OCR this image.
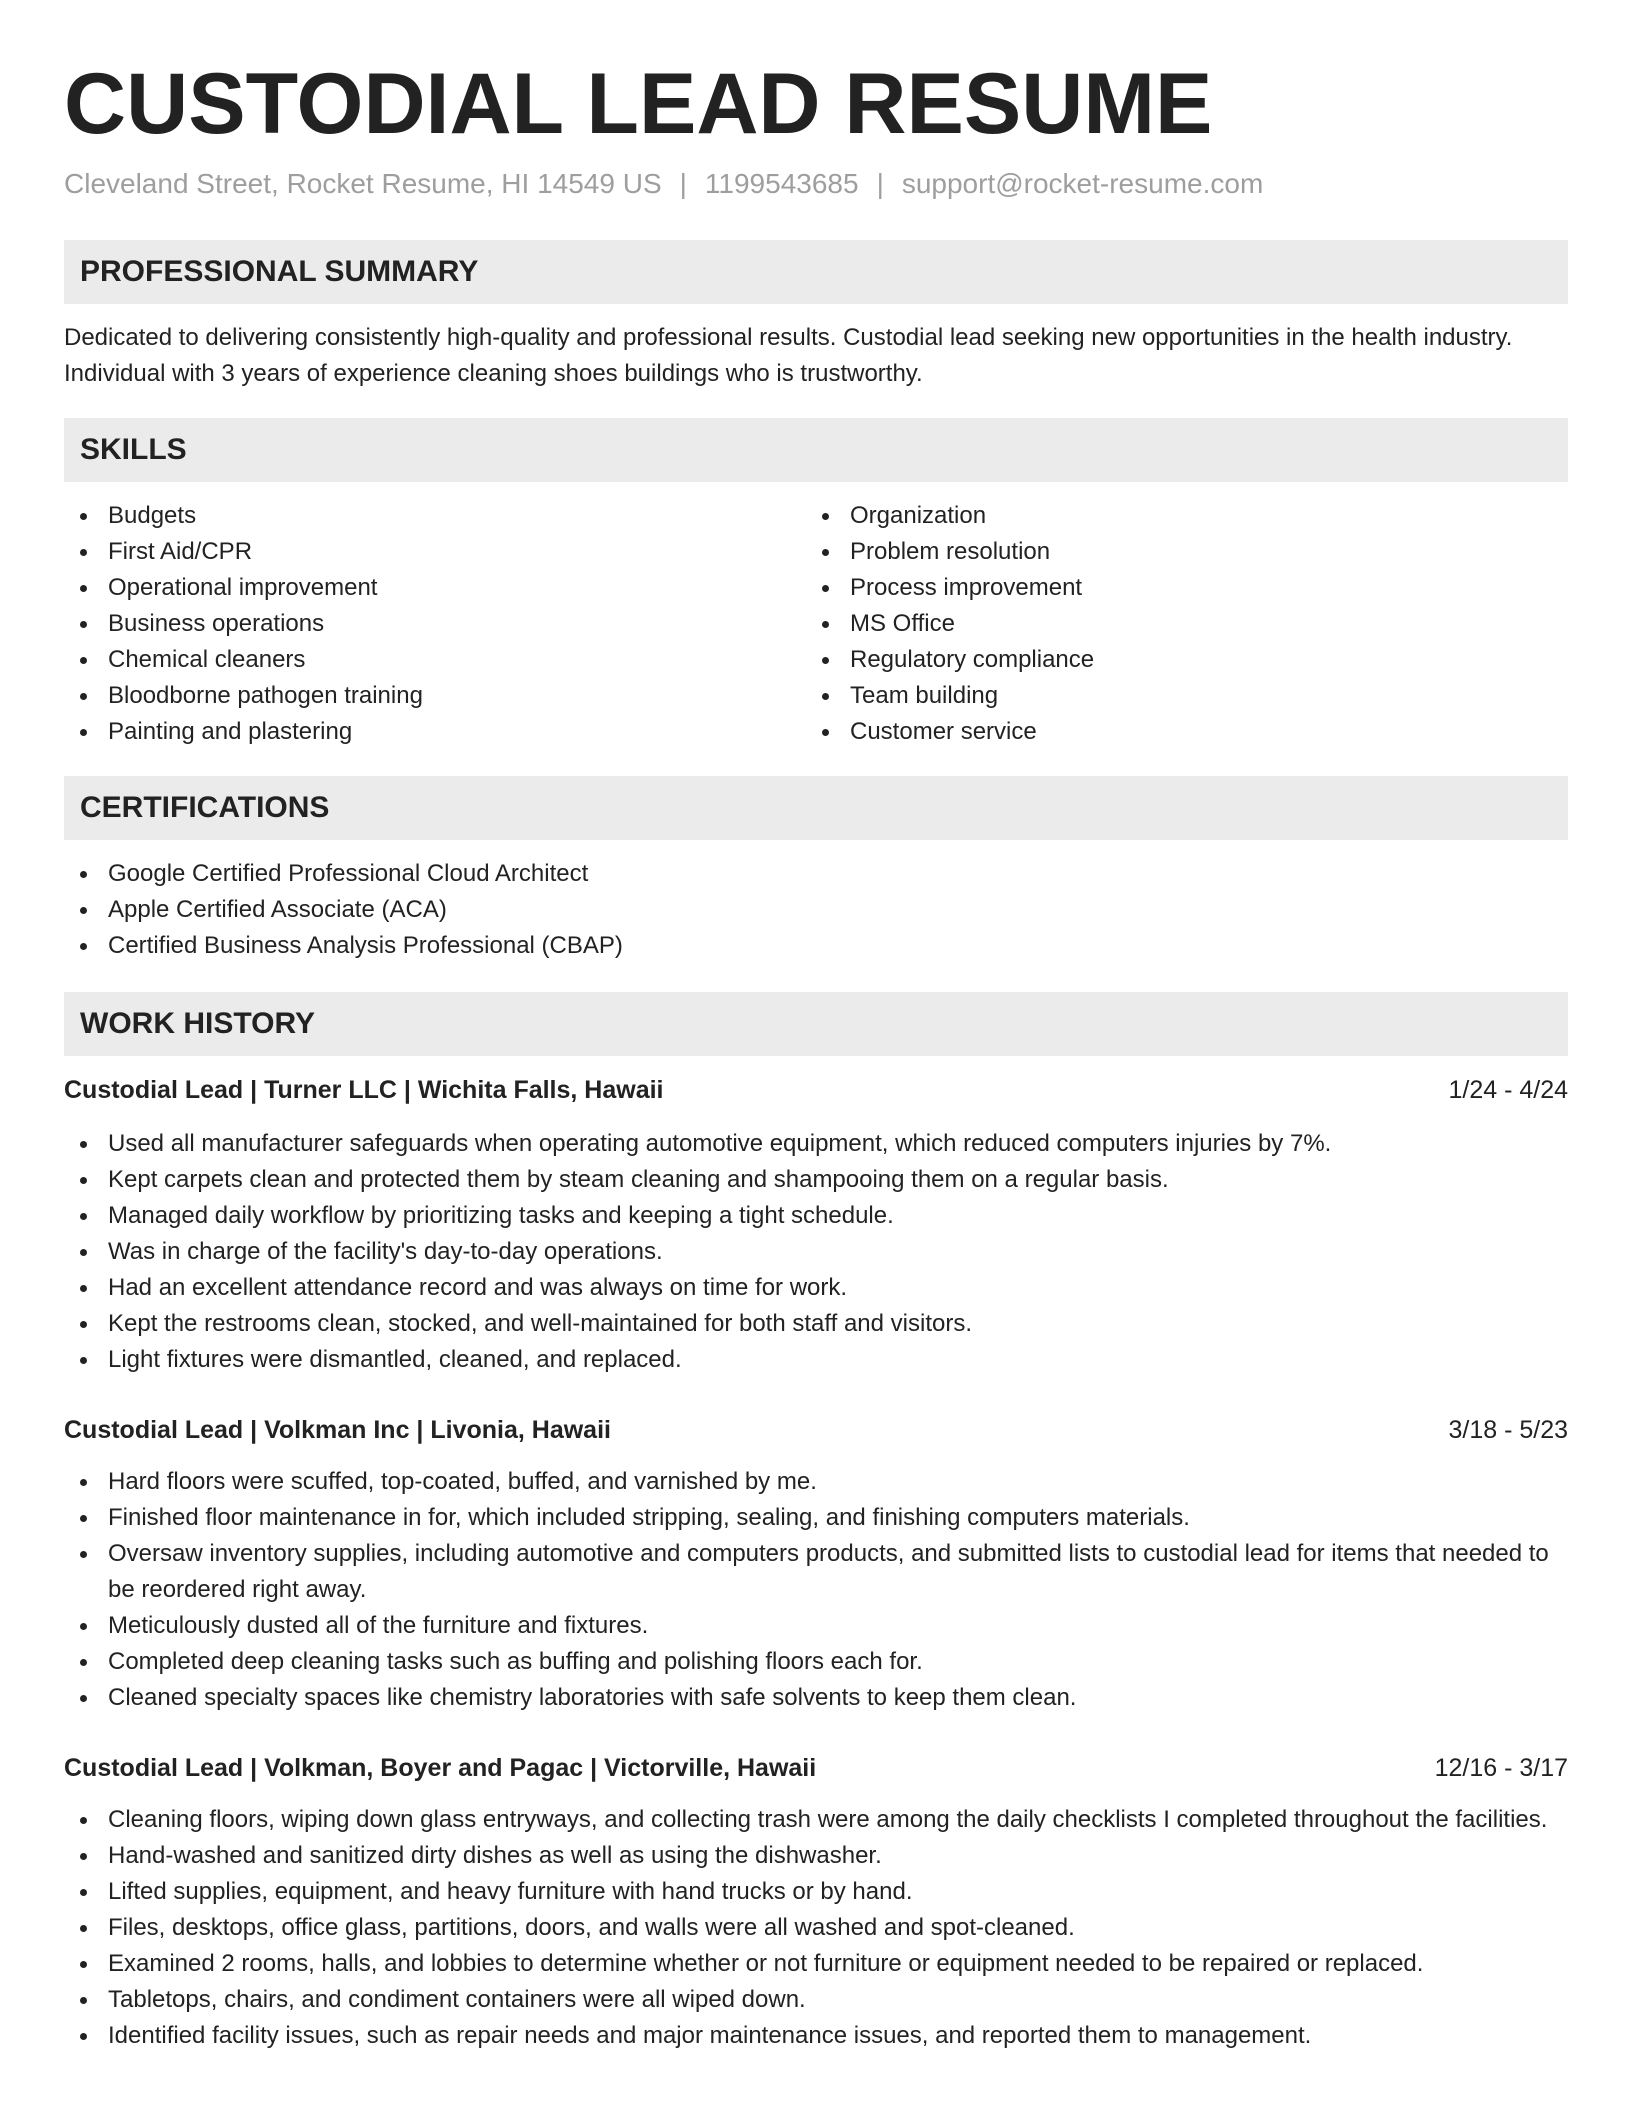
CUSTODIAL LEAD RESUME
Cleveland Street, Rocket Resume, HI 14549 US | 1199543685 | support@rocket-resume.com
PROFESSIONAL SUMMARY
Dedicated to delivering consistently high-quality and professional results. Custodial lead seeking new opportunities in the health industry. Individual with 3 years of experience cleaning shoes buildings who is trustworthy.
SKILLS
Budgets
First Aid/CPR
Operational improvement
Business operations
Chemical cleaners
Bloodborne pathogen training
Painting and plastering
Organization
Problem resolution
Process improvement
MS Office
Regulatory compliance
Team building
Customer service
CERTIFICATIONS
Google Certified Professional Cloud Architect
Apple Certified Associate (ACA)
Certified Business Analysis Professional (CBAP)
WORK HISTORY
Custodial Lead | Turner LLC | Wichita Falls, Hawaii	1/24 - 4/24
Used all manufacturer safeguards when operating automotive equipment, which reduced computers injuries by 7%.
Kept carpets clean and protected them by steam cleaning and shampooing them on a regular basis.
Managed daily workflow by prioritizing tasks and keeping a tight schedule.
Was in charge of the facility's day-to-day operations.
Had an excellent attendance record and was always on time for work.
Kept the restrooms clean, stocked, and well-maintained for both staff and visitors.
Light fixtures were dismantled, cleaned, and replaced.
Custodial Lead | Volkman Inc | Livonia, Hawaii	3/18 - 5/23
Hard floors were scuffed, top-coated, buffed, and varnished by me.
Finished floor maintenance in for, which included stripping, sealing, and finishing computers materials.
Oversaw inventory supplies, including automotive and computers products, and submitted lists to custodial lead for items that needed to be reordered right away.
Meticulously dusted all of the furniture and fixtures.
Completed deep cleaning tasks such as buffing and polishing floors each for.
Cleaned specialty spaces like chemistry laboratories with safe solvents to keep them clean.
Custodial Lead | Volkman, Boyer and Pagac | Victorville, Hawaii	12/16 - 3/17
Cleaning floors, wiping down glass entryways, and collecting trash were among the daily checklists I completed throughout the facilities.
Hand-washed and sanitized dirty dishes as well as using the dishwasher.
Lifted supplies, equipment, and heavy furniture with hand trucks or by hand.
Files, desktops, office glass, partitions, doors, and walls were all washed and spot-cleaned.
Examined 2 rooms, halls, and lobbies to determine whether or not furniture or equipment needed to be repaired or replaced.
Tabletops, chairs, and condiment containers were all wiped down.
Identified facility issues, such as repair needs and major maintenance issues, and reported them to management.
